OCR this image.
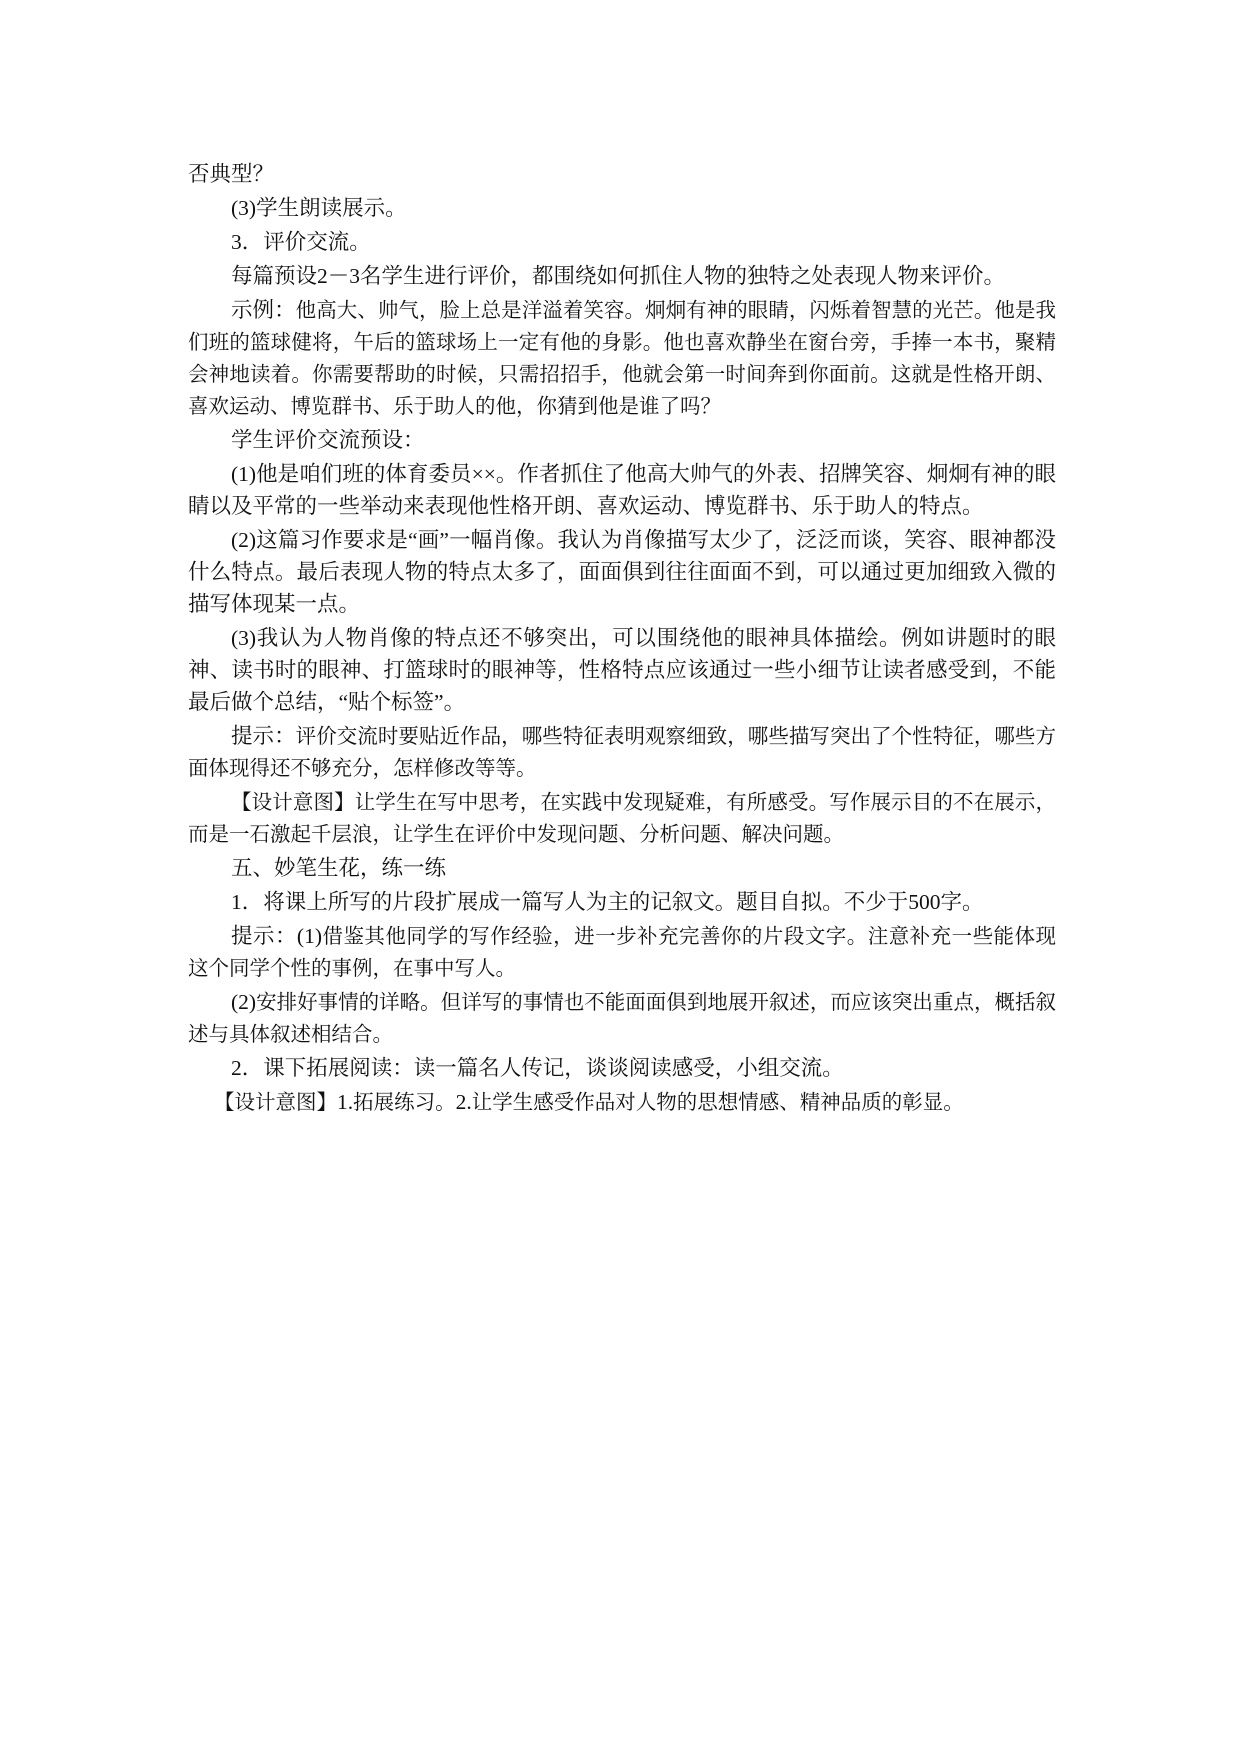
否典型？

(3)学生朗读展示。

3．评价交流。

每篇预设2－3名学生进行评价，都围绕如何抓住人物的独特之处表现人物来评价。

示例：他高大、帅气，脸上总是洋溢着笑容。炯炯有神的眼睛，闪烁着智慧的光芒。他是我们班的篮球健将，午后的篮球场上一定有他的身影。他也喜欢静坐在窗台旁，手捧一本书，聚精会神地读着。你需要帮助的时候，只需招招手，他就会第一时间奔到你面前。这就是性格开朗、喜欢运动、博览群书、乐于助人的他，你猜到他是谁了吗？

学生评价交流预设：

(1)他是咱们班的体育委员××。作者抓住了他高大帅气的外表、招牌笑容、炯炯有神的眼睛以及平常的一些举动来表现他性格开朗、喜欢运动、博览群书、乐于助人的特点。

(2)这篇习作要求是“画”一幅肖像。我认为肖像描写太少了，泛泛而谈，笑容、眼神都没什么特点。最后表现人物的特点太多了，面面俱到往往面面不到，可以通过更加细致入微的描写体现某一点。

(3)我认为人物肖像的特点还不够突出，可以围绕他的眼神具体描绘。例如讲题时的眼神、读书时的眼神、打篮球时的眼神等，性格特点应该通过一些小细节让读者感受到，不能最后做个总结，“贴个标签”。

提示：评价交流时要贴近作品，哪些特征表明观察细致，哪些描写突出了个性特征，哪些方面体现得还不够充分，怎样修改等等。

【设计意图】让学生在写中思考，在实践中发现疑难，有所感受。写作展示目的不在展示，而是一石激起千层浪，让学生在评价中发现问题、分析问题、解决问题。

五、妙笔生花，练一练

1．将课上所写的片段扩展成一篇写人为主的记叙文。题目自拟。不少于500字。

提示：(1)借鉴其他同学的写作经验，进一步补充完善你的片段文字。注意补充一些能体现这个同学个性的事例，在事中写人。

(2)安排好事情的详略。但详写的事情也不能面面俱到地展开叙述，而应该突出重点，概括叙述与具体叙述相结合。

2．课下拓展阅读：读一篇名人传记，谈谈阅读感受，小组交流。

【设计意图】1.拓展练习。2.让学生感受作品对人物的思想情感、精神品质的彰显。
